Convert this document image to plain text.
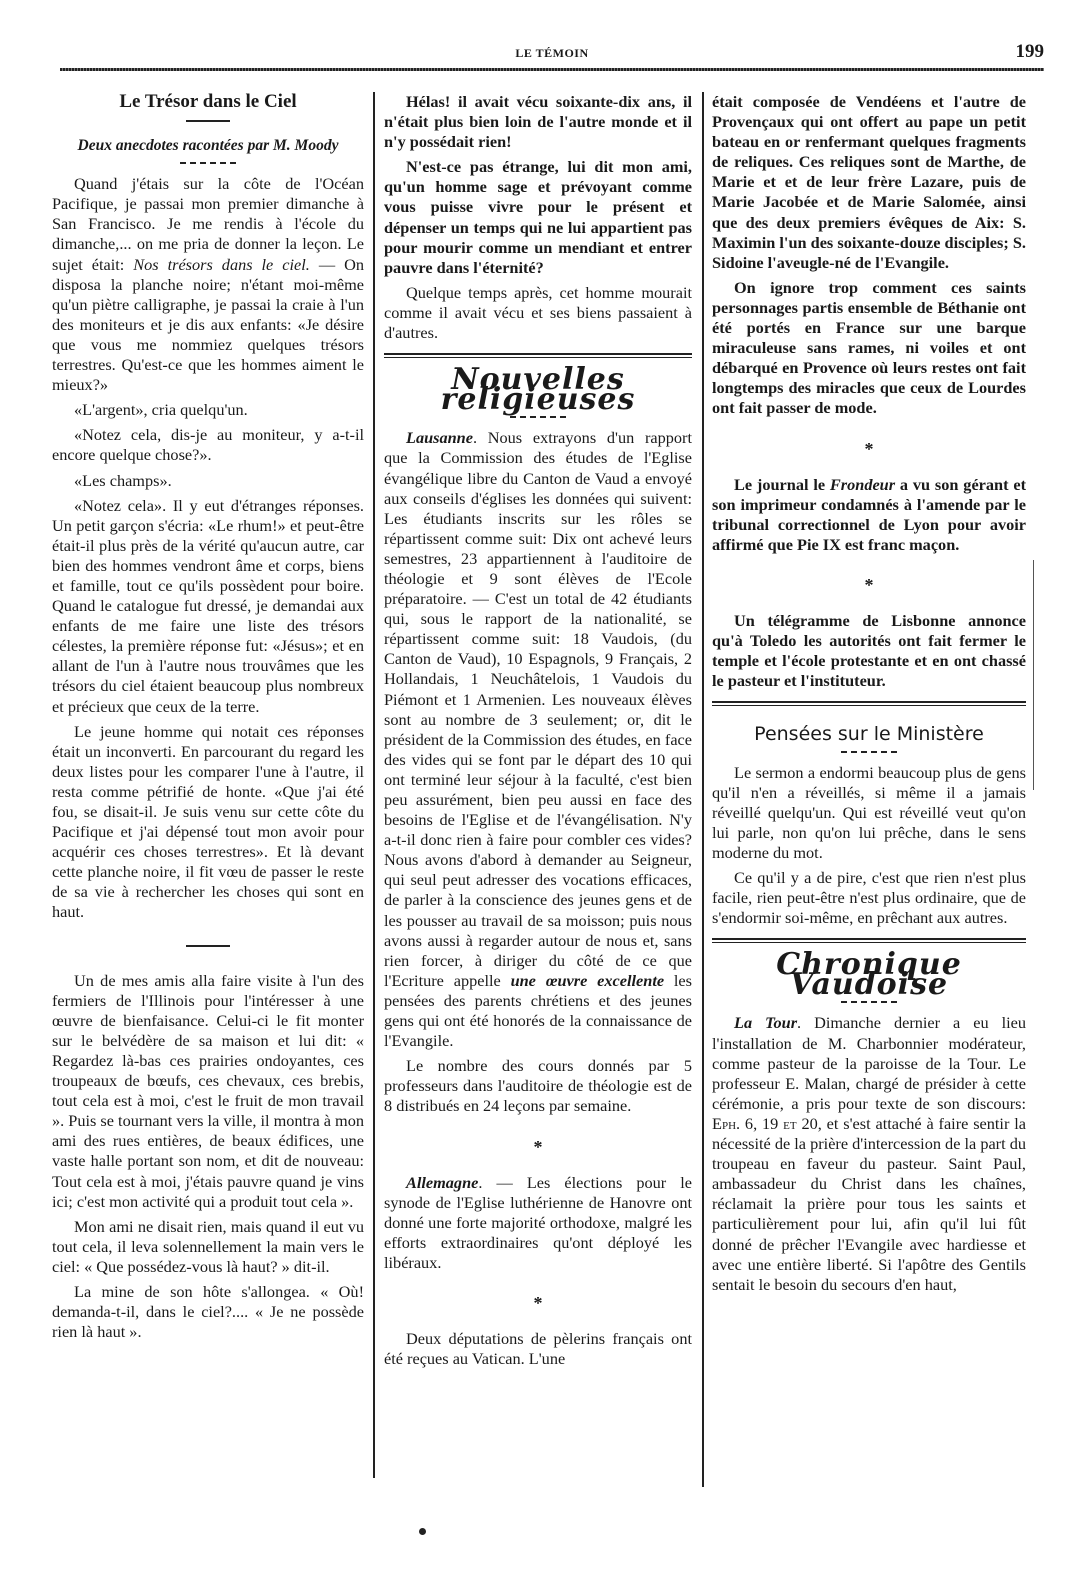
LE TÉMOIN	199
Le Trésor dans le Ciel
Deux anecdotes racontées par M. Moody

Quand j'étais sur la côte de l'Océan Pacifique, je passai mon premier dimanche à San Francisco. Je me rendis à l'école du dimanche,... on me pria de donner la leçon. Le sujet était: Nos trésors dans le ciel. — On disposa la planche noire; n'étant moi-même qu'un piètre calligraphe, je passai la craie à l'un des moniteurs et je dis aux enfants: «Je désire que vous me nommiez quelques trésors terrestres. Qu'est-ce que les hommes aiment le mieux?»

«L'argent», cria quelqu'un.

«Notez cela, dis-je au moniteur, y a-t-il encore quelque chose?».

«Les champs».

«Notez cela». Il y eut d'étranges réponses. Un petit garçon s'écria: «Le rhum!» et peut-être était-il plus près de la vérité qu'aucun autre, car bien des hommes vendront âme et corps, biens et famille, tout ce qu'ils possèdent pour boire. Quand le catalogue fut dressé, je demandai aux enfants de me faire une liste des trésors célestes, la première réponse fut: «Jésus»; et en allant de l'un à l'autre nous trouvâmes que les trésors du ciel étaient beaucoup plus nombreux et précieux que ceux de la terre.

Le jeune homme qui notait ces réponses était un inconverti. En parcourant du regard les deux listes pour les comparer l'une à l'autre, il resta comme pétrifié de honte. «Que j'ai été fou, se disait-il. Je suis venu sur cette côte du Pacifique et j'ai dépensé tout mon avoir pour acquérir ces choses terrestres». Et là devant cette planche noire, il fit vœu de passer le reste de sa vie à rechercher les choses qui sont en haut.

Un de mes amis alla faire visite à l'un des fermiers de l'Illinois pour l'intéresser à une œuvre de bienfaisance. Celui-ci le fit monter sur le belvédère de sa maison et lui dit: « Regardez là-bas ces prairies ondoyantes, ces troupeaux de bœufs, ces chevaux, ces brebis, tout cela est à moi, c'est le fruit de mon travail ». Puis se tournant vers la ville, il montra à mon ami des rues entières, de beaux édifices, une vaste halle portant son nom, et dit de nouveau: Tout cela est à moi, j'étais pauvre quand je vins ici; c'est mon activité qui a produit tout cela ».

Mon ami ne disait rien, mais quand il eut vu tout cela, il leva solennellement la main vers le ciel: « Que possédez-vous là haut? » dit-il.

La mine de son hôte s'allongea. « Où! demanda-t-il, dans le ciel?.... « Je ne possède rien là haut ».

Hélas! il avait vécu soixante-dix ans, il n'était plus bien loin de l'autre monde et il n'y possédait rien!

N'est-ce pas étrange, lui dit mon ami, qu'un homme sage et prévoyant comme vous puisse vivre pour le présent et dépenser un temps qui ne lui appartient pas pour mourir comme un mendiant et entrer pauvre dans l'éternité?

Quelque temps après, cet homme mourait comme il avait vécu et ses biens passaient à d'autres.

Nouvelles religieuses

Lausanne. Nous extrayons d'un rapport que la Commission des études de l'Eglise évangélique libre du Canton de Vaud a envoyé aux conseils d'églises les données qui suivent: Les étudiants inscrits sur les rôles se répartissent comme suit: Dix ont achevé leurs semestres, 23 appartiennent à l'auditoire de théologie et 9 sont élèves de l'Ecole préparatoire. — C'est un total de 42 étudiants qui, sous le rapport de la nationalité, se répartissent comme suit: 18 Vaudois, (du Canton de Vaud), 10 Espagnols, 9 Français, 2 Hollandais, 1 Neuchâtelois, 1 Vaudois du Piémont et 1 Armenien. Les nouveaux élèves sont au nombre de 3 seulement; or, dit le président de la Commission des études, en face des vides qui se font par le départ des 10 qui ont terminé leur séjour à la faculté, c'est bien peu assurément, bien peu aussi en face des besoins de l'Eglise et de l'évangélisation. N'y a-t-il donc rien à faire pour combler ces vides? Nous avons d'abord à demander au Seigneur, qui seul peut adresser des vocations efficaces, de parler à la conscience des jeunes gens et de les pousser au travail de sa moisson; puis nous avons aussi à regarder autour de nous et, sans rien forcer, à diriger du côté de ce que l'Ecriture appelle une œuvre excellente les pensées des parents chrétiens et des jeunes gens qui ont été honorés de la connaissance de l'Evangile.

Le nombre des cours donnés par 5 professeurs dans l'auditoire de théologie est de 8 distribués en 24 leçons par semaine.

*

Allemagne. — Les élections pour le synode de l'Eglise luthérienne de Hanovre ont donné une forte majorité orthodoxe, malgré les efforts extraordinaires qu'ont déployé les libéraux.

*

Deux députations de pèlerins français ont été reçues au Vatican. L'une

était composée de Vendéens et l'autre de Provençaux qui ont offert au pape un petit bateau en or renfermant quelques fragments de reliques. Ces reliques sont de Marthe, de Marie et et de leur frère Lazare, puis de Marie Jacobée et de Marie Salomée, ainsi que des deux premiers évêques de Aix: S. Maximin l'un des soixante-douze disciples; S. Sidoine l'aveugle-né de l'Evangile.

On ignore trop comment ces saints personnages partis ensemble de Béthanie ont été portés en France sur une barque miraculeuse sans rames, ni voiles et ont débarqué en Provence où leurs restes ont fait longtemps des miracles que ceux de Lourdes ont fait passer de mode.

*

Le journal le Frondeur a vu son gérant et son imprimeur condamnés à l'amende par le tribunal correctionnel de Lyon pour avoir affirmé que Pie IX est franc maçon.

*

Un télégramme de Lisbonne annonce qu'à Toledo les autorités ont fait fermer le temple et l'école protestante et en ont chassé le pasteur et l'instituteur.

Pensées sur le Ministère

Le sermon a endormi beaucoup plus de gens qu'il n'en a réveillés, si même il a jamais réveillé quelqu'un. Qui est réveillé veut qu'on lui parle, non qu'on lui prêche, dans le sens moderne du mot.

Ce qu'il y a de pire, c'est que rien n'est plus facile, rien peut-être n'est plus ordinaire, que de s'endormir soi-même, en prêchant aux autres.

Chronique Vaudoise

La Tour. Dimanche dernier a eu lieu l'installation de M. Charbonnier modérateur, comme pasteur de la paroisse de la Tour. Le professeur E. Malan, chargé de présider à cette cérémonie, a pris pour texte de son discours: Eph. 6, 19 et 20, et s'est attaché à faire sentir la nécessité de la prière d'intercession de la part du troupeau en faveur du pasteur. Saint Paul, ambassadeur du Christ dans les chaînes, réclamait la prière pour tous les saints et particulièrement pour lui, afin qu'il lui fût donné de prêcher l'Evangile avec hardiesse et avec une entière liberté. Si l'apôtre des Gentils sentait le besoin du secours d'en haut,
